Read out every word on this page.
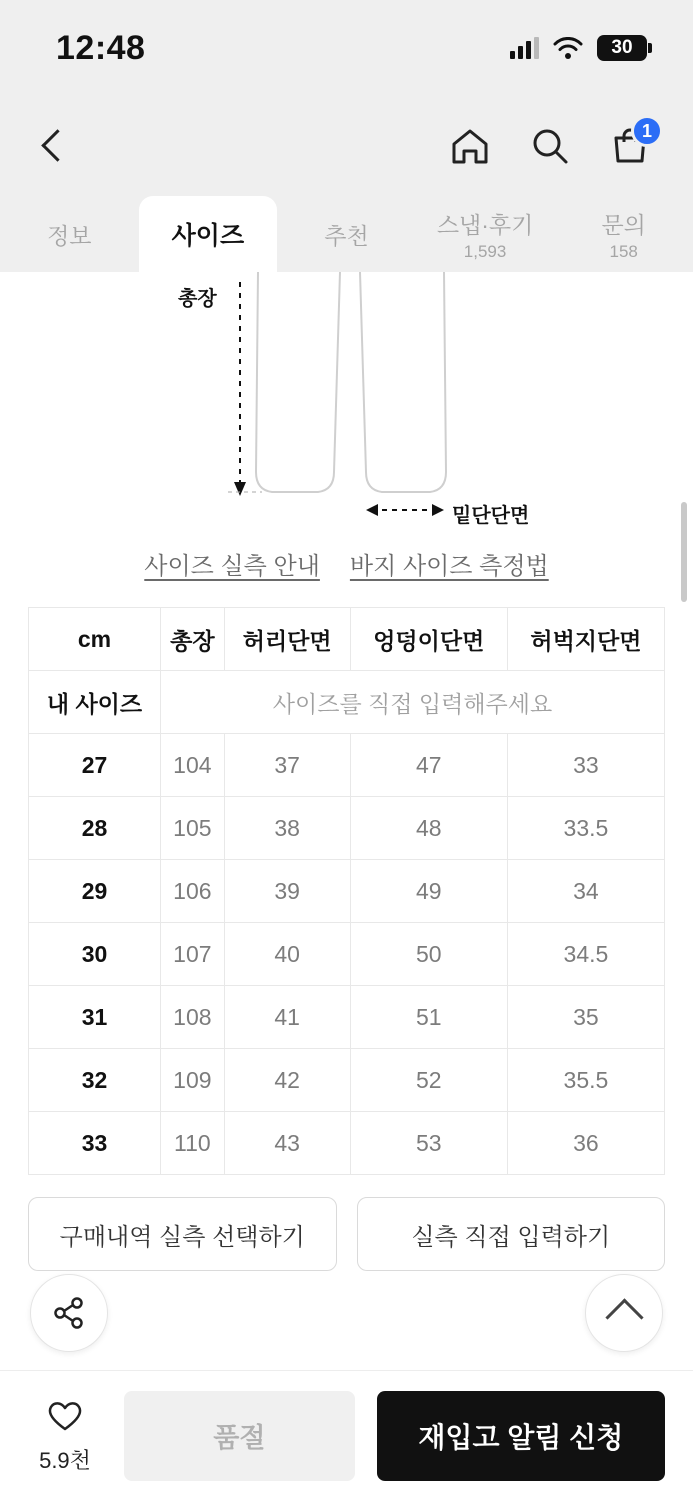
12:48	30
1
정보	사이즈	추천	스냅·후기
1,593
문의
158
총장
밑단단면
사이즈 실측 안내 바지 사이즈 측정법
cm	총장	허리단면	엉덩이단면	허벅지단면
내 사이즈	사이즈를 직접 입력해주세요			
27	104	37	47	33
28	105	38	48	33.5
29	106	39	49	34
30	107	40	50	34.5
31	108	41	51	35
32	109	42	52	35.5
33	110	43	53	36
구매내역 실측 선택하기	실측 직접 입력하기
5.9천
품절	재입고 알림 신청
